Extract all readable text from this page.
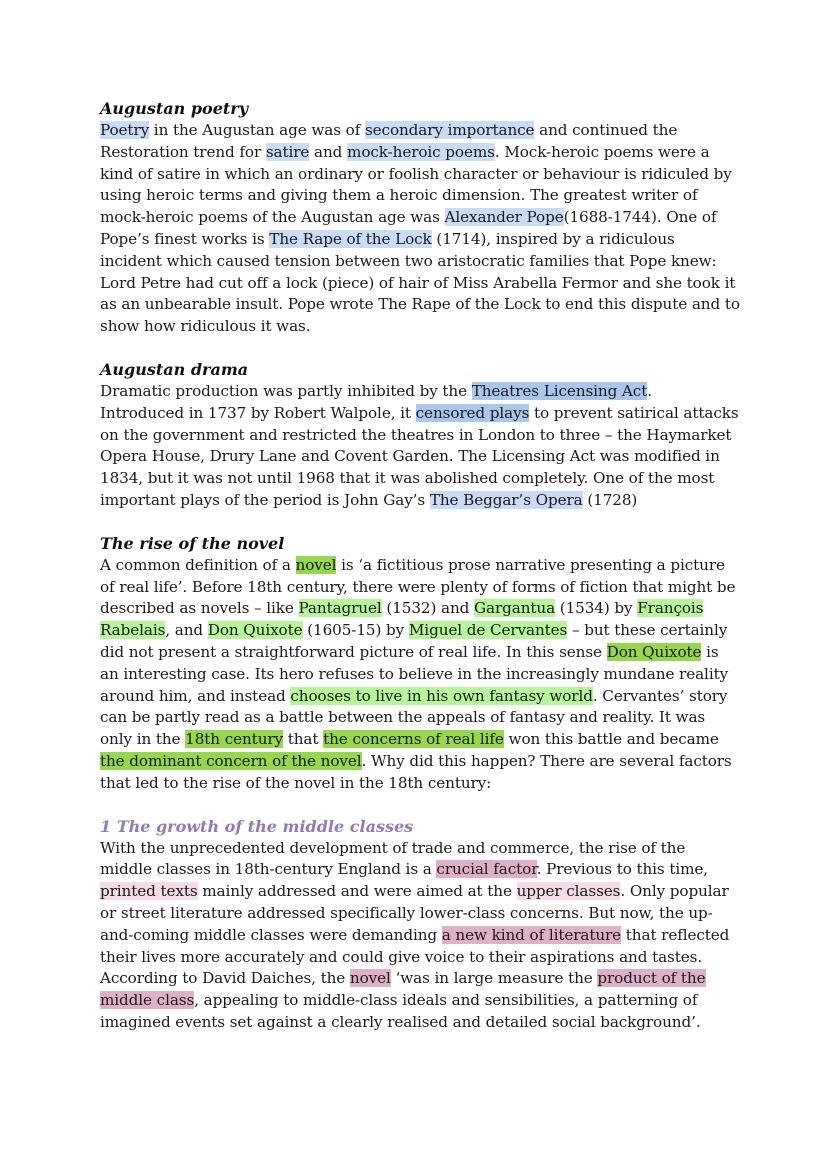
Augustan poetry

Poetry in the Augustan age was of secondary importance and continued the Restoration trend for satire and mock-heroic poems. Mock-heroic poems were a kind of satire in which an ordinary or foolish character or behaviour is ridiculed by using heroic terms and giving them a heroic dimension. The greatest writer of mock-heroic poems of the Augustan age was Alexander Pope(1688-1744). One of Pope’s finest works is The Rape of the Lock (1714), inspired by a ridiculous incident which caused tension between two aristocratic families that Pope knew: Lord Petre had cut off a lock (piece) of hair of Miss Arabella Fermor and she took it as an unbearable insult. Pope wrote The Rape of the Lock to end this dispute and to show how ridiculous it was.

Augustan drama

Dramatic production was partly inhibited by the Theatres Licensing Act. Introduced in 1737 by Robert Walpole, it censored plays to prevent satirical attacks on the government and restricted the theatres in London to three – the Haymarket Opera House, Drury Lane and Covent Garden. The Licensing Act was modified in 1834, but it was not until 1968 that it was abolished completely. One of the most important plays of the period is John Gay’s The Beggar’s Opera (1728)

The rise of the novel

A common definition of a novel is ‘a fictitious prose narrative presenting a picture of real life’. Before 18th century, there were plenty of forms of fiction that might be described as novels – like Pantagruel (1532) and Gargantua (1534) by François Rabelais, and Don Quixote (1605-15) by Miguel de Cervantes – but these certainly did not present a straightforward picture of real life. In this sense Don Quixote is an interesting case. Its hero refuses to believe in the increasingly mundane reality around him, and instead chooses to live in his own fantasy world. Cervantes’ story can be partly read as a battle between the appeals of fantasy and reality. It was only in the 18th century that the concerns of real life won this battle and became the dominant concern of the novel. Why did this happen? There are several factors that led to the rise of the novel in the 18th century:

1 The growth of the middle classes

With the unprecedented development of trade and commerce, the rise of the middle classes in 18th-century England is a crucial factor. Previous to this time, printed texts mainly addressed and were aimed at the upper classes. Only popular or street literature addressed specifically lower-class concerns. But now, the up-and-coming middle classes were demanding a new kind of literature that reflected their lives more accurately and could give voice to their aspirations and tastes. According to David Daiches, the novel ‘was in large measure the product of the middle class, appealing to middle-class ideals and sensibilities, a patterning of imagined events set against a clearly realised and detailed social background’.
